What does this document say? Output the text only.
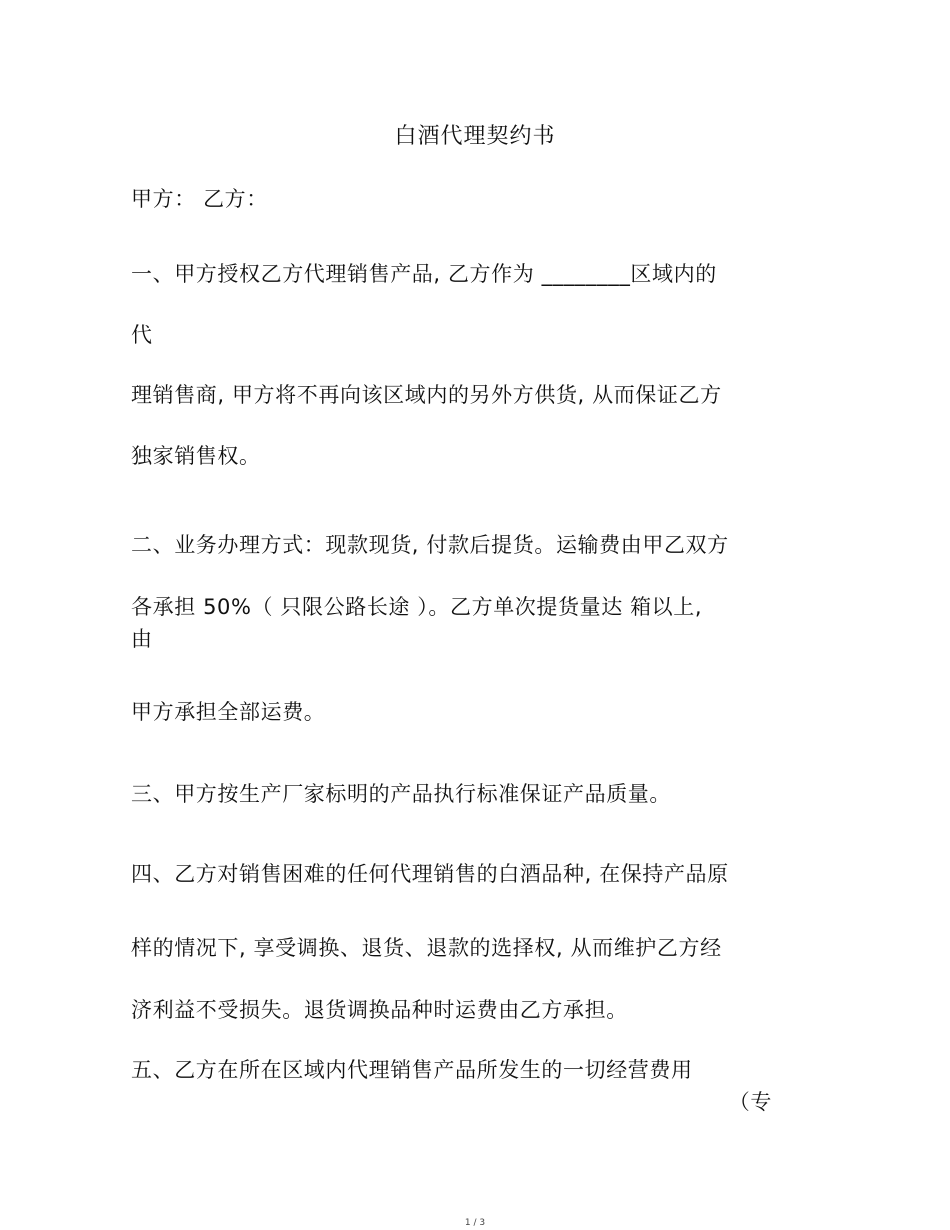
白酒代理契约书
甲方： 乙方：
一、甲方授权乙方代理销售产品, 乙方作为 ________区域内的
代
理销售商, 甲方将不再向该区域内的另外方供货, 从而保证乙方
独家销售权。
二、业务办理方式：现款现货, 付款后提货。运输费由甲乙双方
各承担 50%（ 只限公路长途 ）。乙方单次提货量达 箱以上,
由
甲方承担全部运费。
三、甲方按生产厂家标明的产品执行标准保证产品质量。
四、乙方对销售困难的任何代理销售的白酒品种, 在保持产品原
样的情况下, 享受调换、退货、退款的选择权, 从而维护乙方经
济利益不受损失。退货调换品种时运费由乙方承担。
五、乙方在所在区域内代理销售产品所发生的一切经营费用
（专
1 / 3
